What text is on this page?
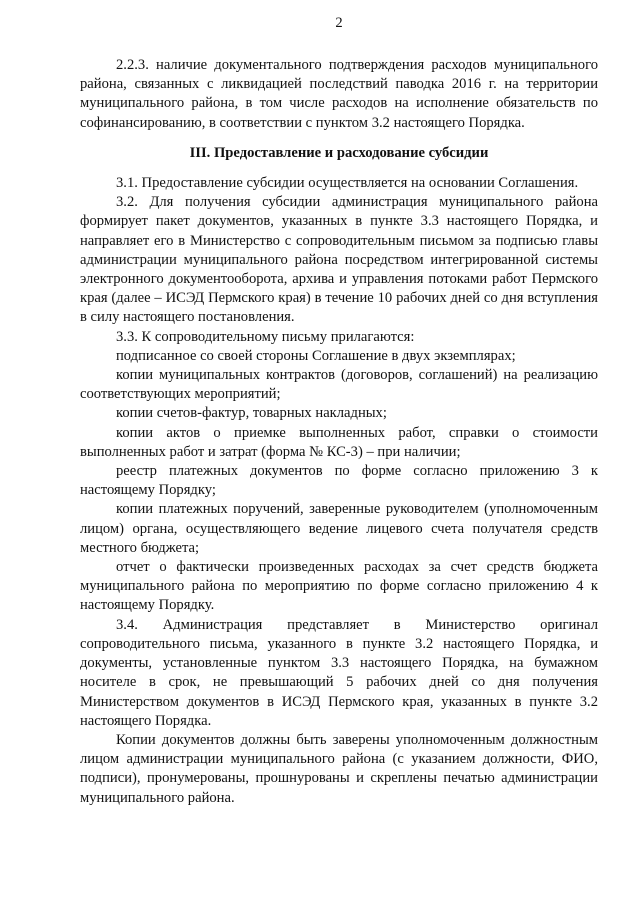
2

2.2.3. наличие документального подтверждения расходов муниципального района, связанных с ликвидацией последствий паводка 2016 г. на территории муниципального района, в том числе расходов на исполнение обязательств по софинансированию, в соответствии с пунктом 3.2 настоящего Порядка.

III. Предоставление и расходование субсидии

3.1. Предоставление субсидии осуществляется на основании Соглашения.

3.2. Для получения субсидии администрация муниципального района формирует пакет документов, указанных в пункте 3.3 настоящего Порядка, и направляет его в Министерство с сопроводительным письмом за подписью главы администрации муниципального района посредством интегрированной системы электронного документооборота, архива и управления потоками работ Пермского края (далее – ИСЭД Пермского края) в течение 10 рабочих дней со дня вступления в силу настоящего постановления.

3.3. К сопроводительному письму прилагаются:

подписанное со своей стороны Соглашение в двух экземплярах;

копии муниципальных контрактов (договоров, соглашений) на реализацию соответствующих мероприятий;

копии счетов-фактур, товарных накладных;

копии актов о приемке выполненных работ, справки о стоимости выполненных работ и затрат (форма № КС-3) – при наличии;

реестр платежных документов по форме согласно приложению 3 к настоящему Порядку;

копии платежных поручений, заверенные руководителем (уполномоченным лицом) органа, осуществляющего ведение лицевого счета получателя средств местного бюджета;

отчет о фактически произведенных расходах за счет средств бюджета муниципального района по мероприятию по форме согласно приложению 4 к настоящему Порядку.

3.4. Администрация представляет в Министерство оригинал сопроводительного письма, указанного в пункте 3.2 настоящего Порядка, и документы, установленные пунктом 3.3 настоящего Порядка, на бумажном носителе в срок, не превышающий 5 рабочих дней со дня получения Министерством документов в ИСЭД Пермского края, указанных в пункте 3.2 настоящего Порядка.

Копии документов должны быть заверены уполномоченным должностным лицом администрации муниципального района (с указанием должности, ФИО, подписи), пронумерованы, прошнурованы и скреплены печатью администрации муниципального района.
